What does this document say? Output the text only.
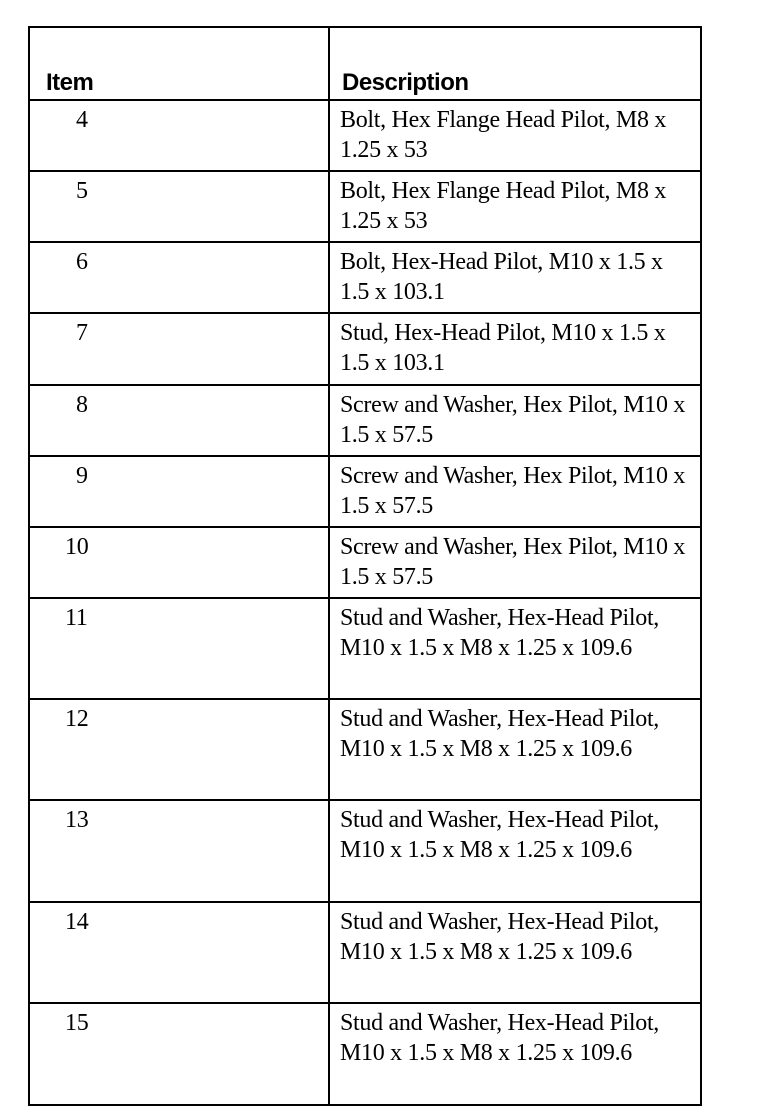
Item	Description
4	Bolt, Hex Flange Head Pilot, M8 x 1.25 x 53
5	Bolt, Hex Flange Head Pilot, M8 x 1.25 x 53
6	Bolt, Hex-Head Pilot, M10 x 1.5 x 1.5 x 103.1
7	Stud, Hex-Head Pilot, M10 x 1.5 x 1.5 x 103.1
8	Screw and Washer, Hex Pilot, M10 x 1.5 x 57.5
9	Screw and Washer, Hex Pilot, M10 x 1.5 x 57.5
10	Screw and Washer, Hex Pilot, M10 x 1.5 x 57.5
11	Stud and Washer, Hex-Head Pilot, M10 x 1.5 x M8 x 1.25 x 109.6
12	Stud and Washer, Hex-Head Pilot, M10 x 1.5 x M8 x 1.25 x 109.6
13	Stud and Washer, Hex-Head Pilot, M10 x 1.5 x M8 x 1.25 x 109.6
14	Stud and Washer, Hex-Head Pilot, M10 x 1.5 x M8 x 1.25 x 109.6
15	Stud and Washer, Hex-Head Pilot, M10 x 1.5 x M8 x 1.25 x 109.6
